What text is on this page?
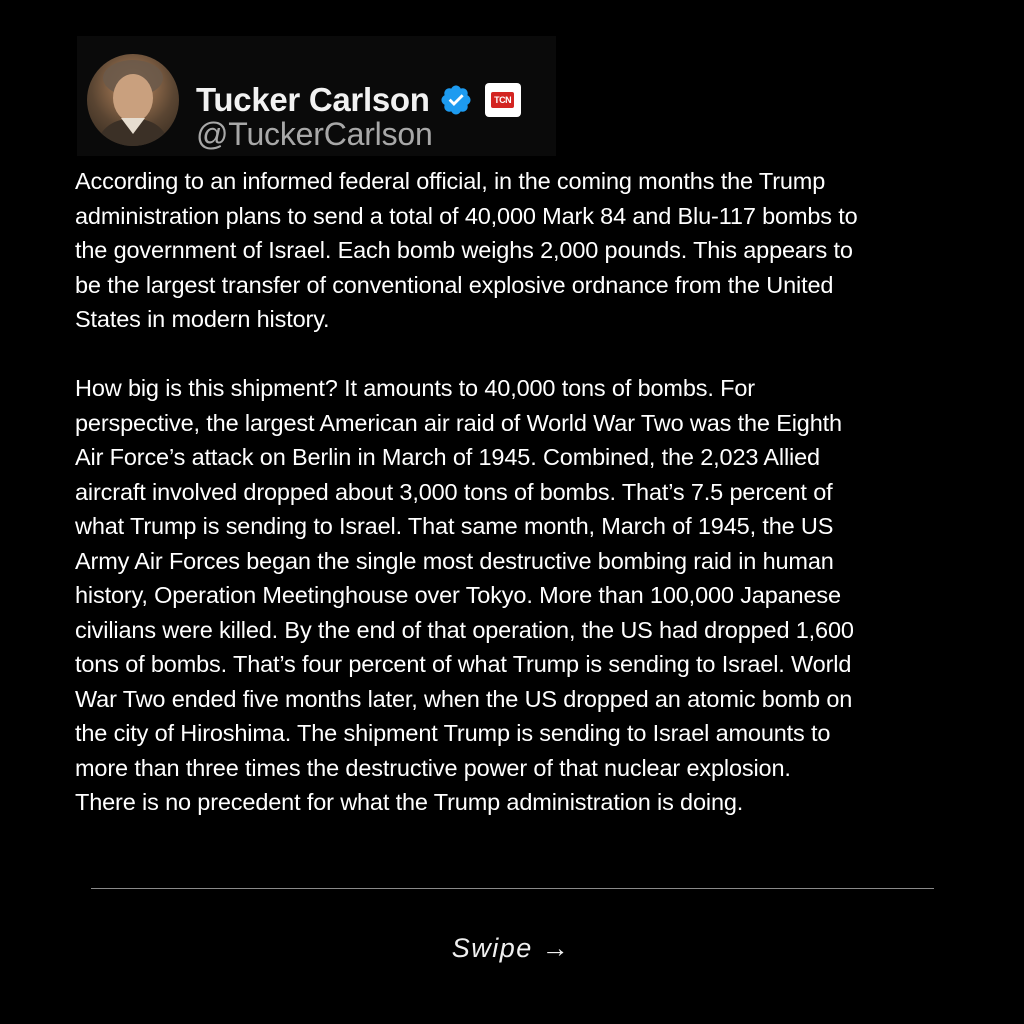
Tucker Carlson	TCN
@TuckerCarlson
According to an informed federal official, in the coming months the Trump
administration plans to send a total of 40,000 Mark 84 and Blu-117 bombs to
the government of Israel. Each bomb weighs 2,000 pounds. This appears to
be the largest transfer of conventional explosive ordnance from the United
States in modern history.
How big is this shipment? It amounts to 40,000 tons of bombs. For
perspective, the largest American air raid of World War Two was the Eighth
Air Force’s attack on Berlin in March of 1945. Combined, the 2,023 Allied
aircraft involved dropped about 3,000 tons of bombs. That’s 7.5 percent of
what Trump is sending to Israel. That same month, March of 1945, the US
Army Air Forces began the single most destructive bombing raid in human
history, Operation Meetinghouse over Tokyo. More than 100,000 Japanese
civilians were killed. By the end of that operation, the US had dropped 1,600
tons of bombs. That’s four percent of what Trump is sending to Israel. World
War Two ended five months later, when the US dropped an atomic bomb on
the city of Hiroshima. The shipment Trump is sending to Israel amounts to
more than three times the destructive power of that nuclear explosion.
There is no precedent for what the Trump administration is doing.
Swipe →
